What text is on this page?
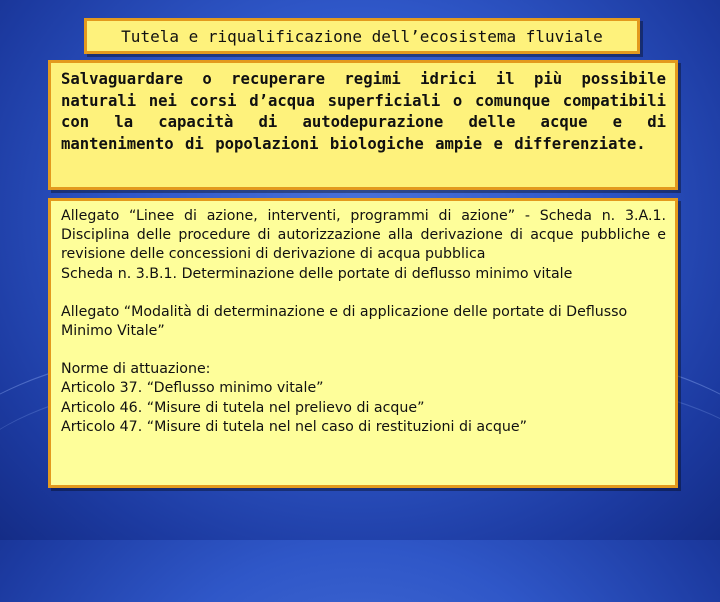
Tutela e riqualificazione dell’ecosistema fluviale
Salvaguardare o recuperare regimi idrici il più possibile naturali nei corsi d’acqua superficiali o comunque compatibili con la capacità di autodepurazione delle acque e di mantenimento di popolazioni biologiche ampie e differenziate.

Allegato “Linee di azione, interventi, programmi di azione” - Scheda n. 3.A.1. Disciplina delle procedure di autorizzazione alla derivazione di acque pubbliche e revisione delle concessioni di derivazione di acqua pubblica

Scheda n. 3.B.1. Determinazione delle portate di deflusso minimo vitale

Allegato “Modalità di determinazione e di applicazione delle portate di Deflusso Minimo Vitale”

Norme di attuazione:

Articolo 37. “Deflusso minimo vitale”

Articolo 46. “Misure di tutela nel prelievo di acque”

Articolo 47. “Misure di tutela nel nel caso di restituzioni di acque”
